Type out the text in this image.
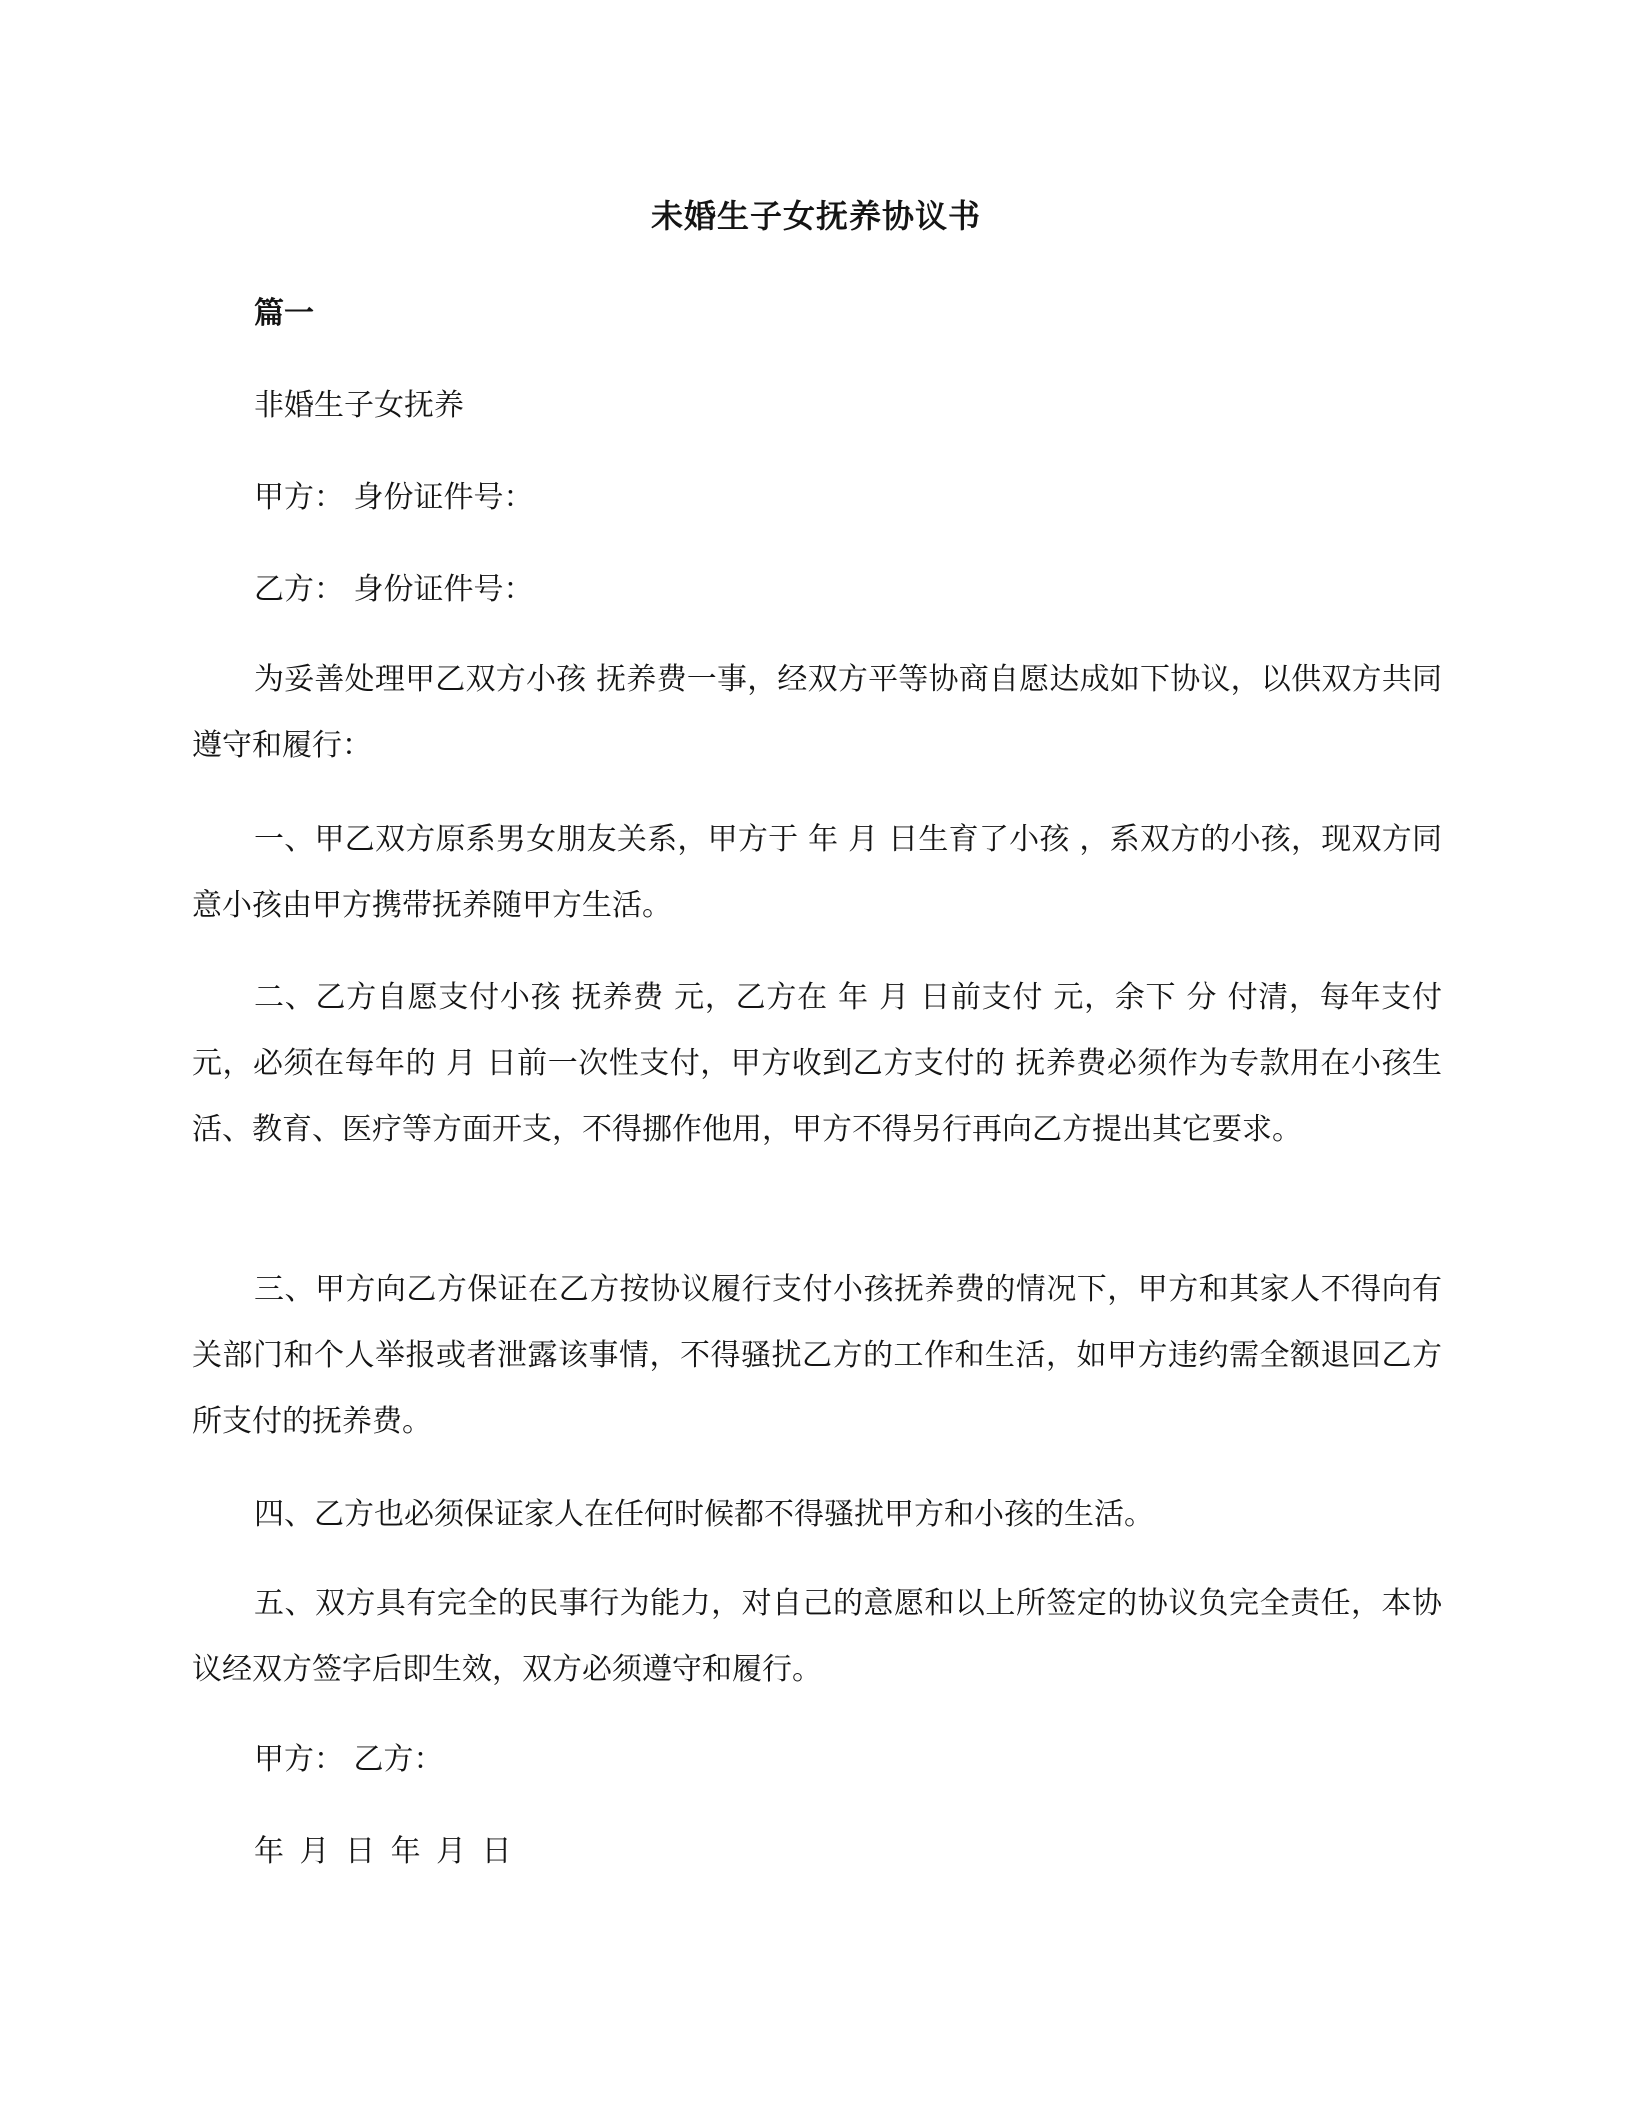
未婚生子女抚养协议书
篇一
非婚生子女抚养
甲方： 身份证件号：
乙方： 身份证件号：
为妥善处理甲乙双方小孩 抚养费一事，经双方平等协商自愿达成如下协议，以供双方共同遵守和履行：
一、甲乙双方原系男女朋友关系，甲方于 年 月 日生育了小孩 ，系双方的小孩，现双方同意小孩由甲方携带抚养随甲方生活。
二、乙方自愿支付小孩 抚养费 元，乙方在 年 月 日前支付 元，余下 分 付清，每年支付 元，必须在每年的 月 日前一次性支付，甲方收到乙方支付的 抚养费必须作为专款用在小孩生活、教育、医疗等方面开支，不得挪作他用，甲方不得另行再向乙方提出其它要求。
三、甲方向乙方保证在乙方按协议履行支付小孩抚养费的情况下，甲方和其家人不得向有关部门和个人举报或者泄露该事情，不得骚扰乙方的工作和生活，如甲方违约需全额退回乙方所支付的抚养费。
四、乙方也必须保证家人在任何时候都不得骚扰甲方和小孩的生活。
五、双方具有完全的民事行为能力，对自己的意愿和以上所签定的协议负完全责任，本协议经双方签字后即生效，双方必须遵守和履行。
甲方： 乙方：
年 月 日 年 月 日
